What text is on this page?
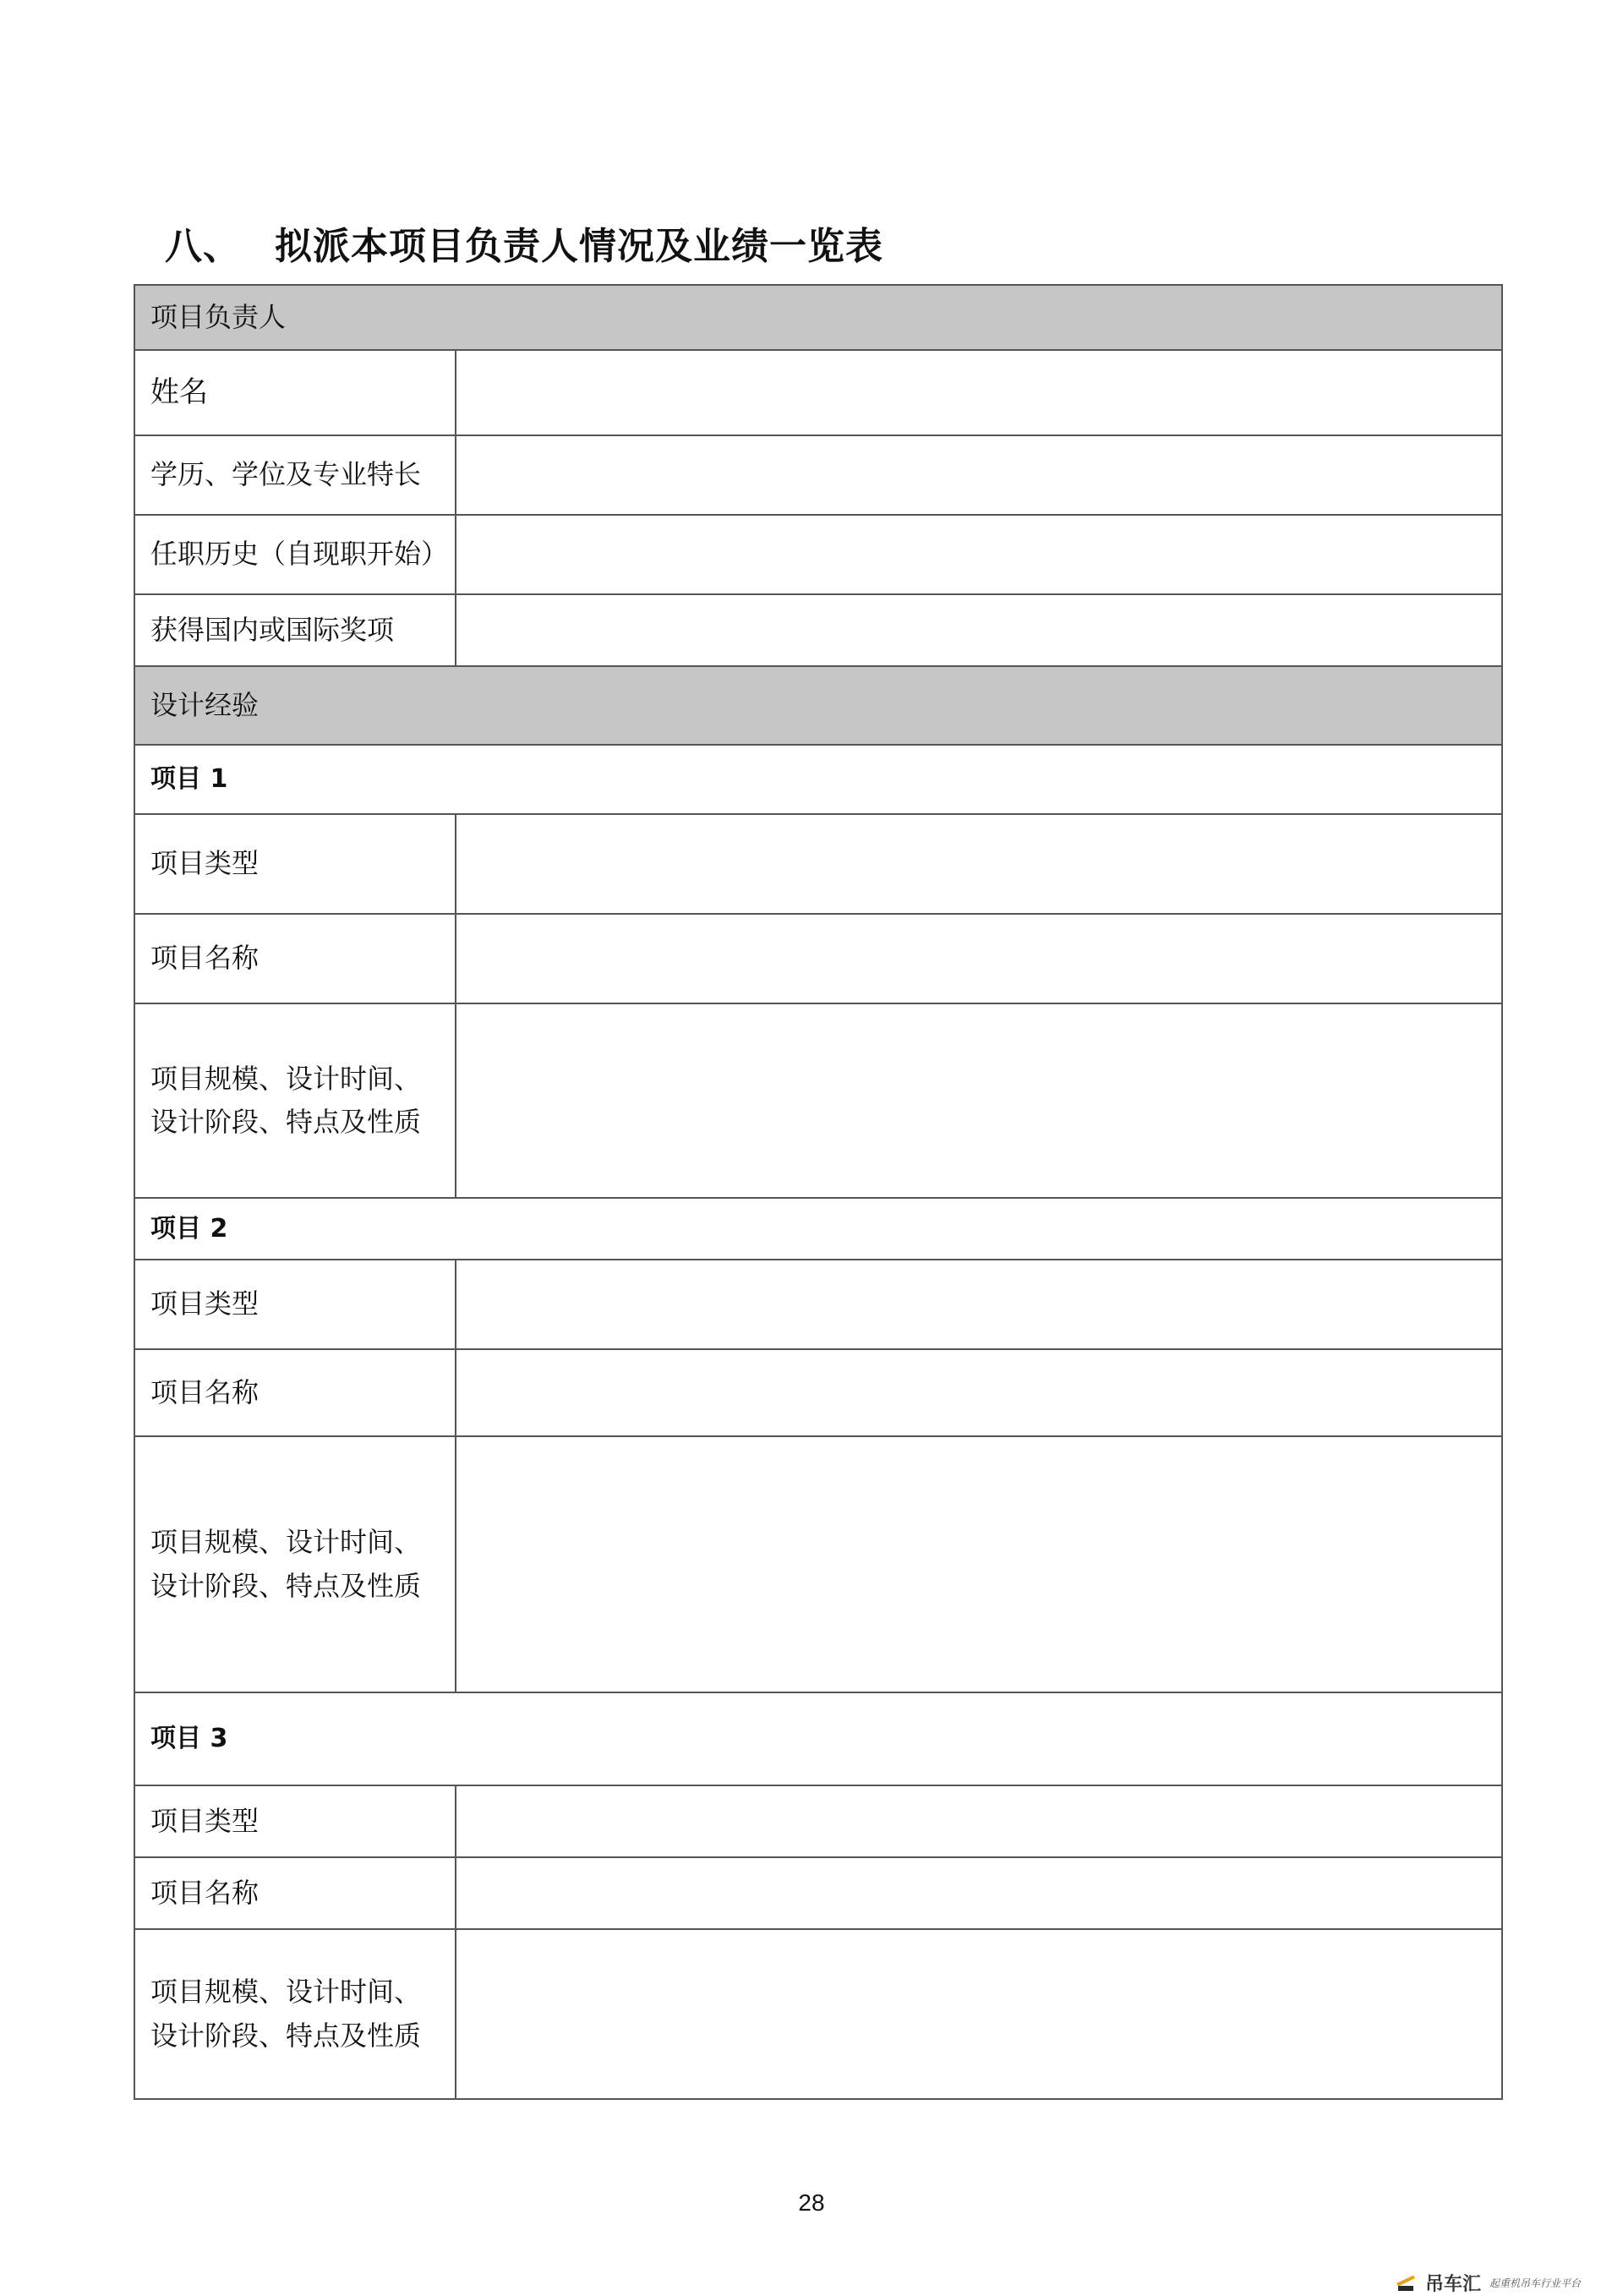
八、 拟派本项目负责人情况及业绩一览表
项目负责人	
姓名	
学历、学位及专业特长	
任职历史（自现职开始）	
获得国内或国际奖项	
设计经验	
项目 1	
项目类型	
项目名称	
项目规模、设计时间、设计阶段、特点及性质	
项目 2	
项目类型	
项目名称	
项目规模、设计时间、设计阶段、特点及性质	
项目 3	
项目类型	
项目名称	
项目规模、设计时间、设计阶段、特点及性质	
28
吊车汇 起重机吊车行业平台
